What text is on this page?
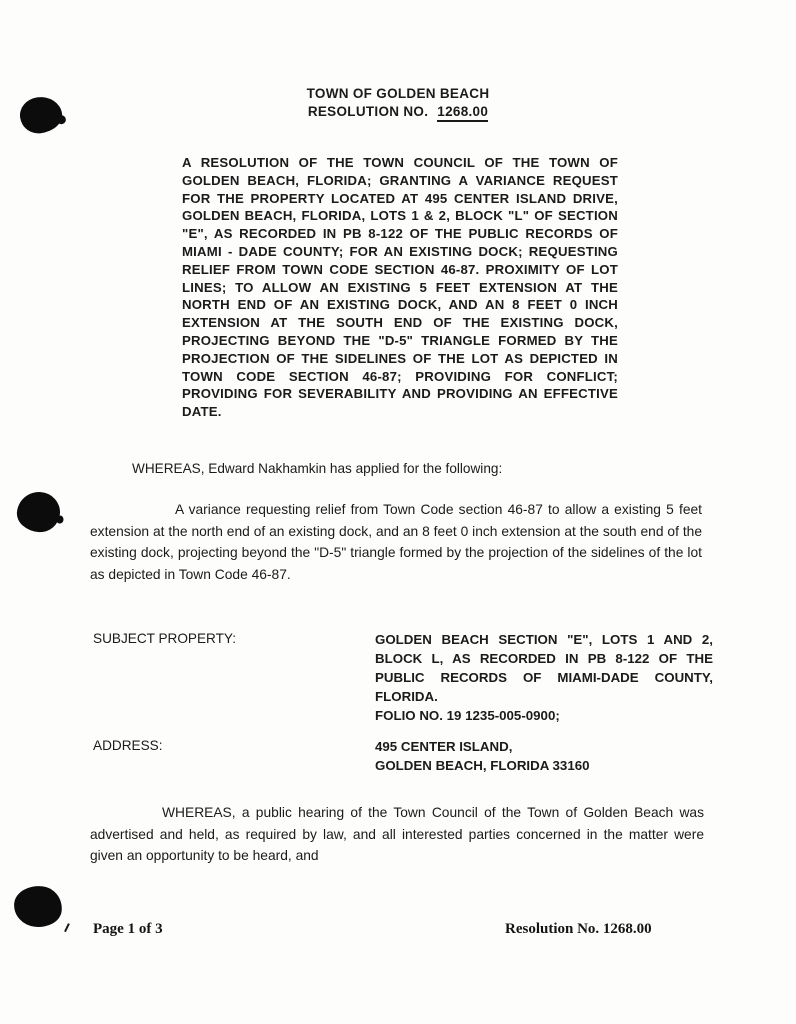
TOWN OF GOLDEN BEACH
RESOLUTION NO. 1268.00
A RESOLUTION OF THE TOWN COUNCIL OF THE TOWN OF GOLDEN BEACH, FLORIDA; GRANTING A VARIANCE REQUEST FOR THE PROPERTY LOCATED AT 495 CENTER ISLAND DRIVE, GOLDEN BEACH, FLORIDA, LOTS 1 & 2, BLOCK "L" OF SECTION "E", AS RECORDED IN PB 8-122 OF THE PUBLIC RECORDS OF MIAMI - DADE COUNTY; FOR AN EXISTING DOCK; REQUESTING RELIEF FROM TOWN CODE SECTION 46-87. PROXIMITY OF LOT LINES; TO ALLOW AN EXISTING 5 FEET EXTENSION AT THE NORTH END OF AN EXISTING DOCK, AND AN 8 FEET 0 INCH EXTENSION AT THE SOUTH END OF THE EXISTING DOCK, PROJECTING BEYOND THE "D-5" TRIANGLE FORMED BY THE PROJECTION OF THE SIDELINES OF THE LOT AS DEPICTED IN TOWN CODE SECTION 46-87; PROVIDING FOR CONFLICT; PROVIDING FOR SEVERABILITY AND PROVIDING AN EFFECTIVE DATE.
WHEREAS, Edward Nakhamkin has applied for the following:
A variance requesting relief from Town Code section 46-87 to allow a existing 5 feet extension at the north end of an existing dock, and an 8 feet 0 inch extension at the south end of the existing dock, projecting beyond the "D-5" triangle formed by the projection of the sidelines of the lot as depicted in Town Code 46-87.
SUBJECT PROPERTY:	GOLDEN BEACH SECTION "E", LOTS 1 AND 2, BLOCK L, AS RECORDED IN PB 8-122 OF THE PUBLIC RECORDS OF MIAMI-DADE COUNTY, FLORIDA.
FOLIO NO. 19 1235-005-0900;
ADDRESS:	495 CENTER ISLAND,
GOLDEN BEACH, FLORIDA 33160
WHEREAS, a public hearing of the Town Council of the Town of Golden Beach was advertised and held, as required by law, and all interested parties concerned in the matter were given an opportunity to be heard, and
Page 1 of 3	Resolution No. 1268.00
